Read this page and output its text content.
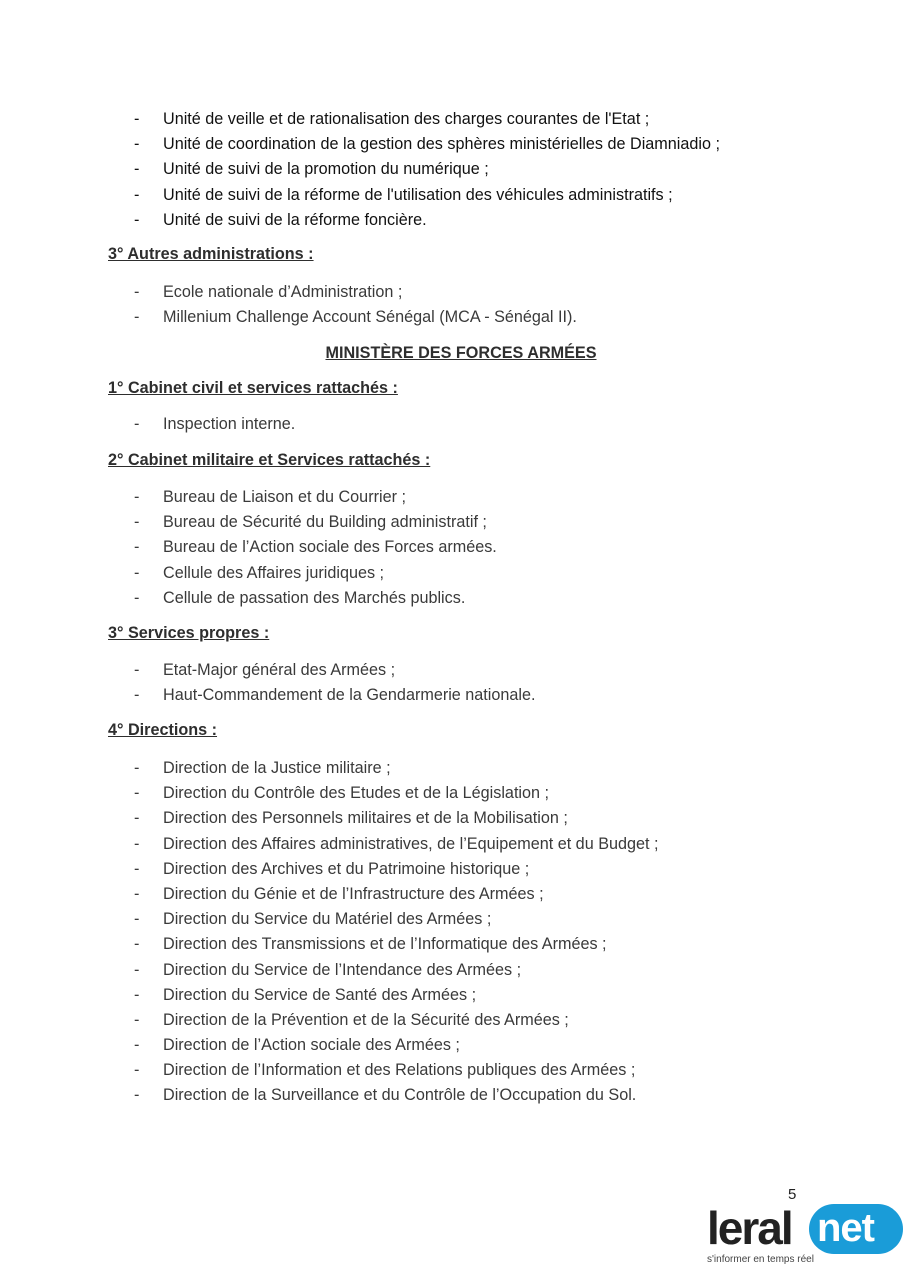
-	Unité de veille et de rationalisation des charges courantes de l'Etat ;
-	Unité de coordination de la gestion des sphères ministérielles de Diamniadio ;
-	Unité de suivi de la promotion du numérique ;
-	Unité de suivi de la réforme de l'utilisation des véhicules administratifs ;
-	Unité de suivi de la réforme foncière.
3° Autres administrations :
-	Ecole nationale d’Administration ;
-	Millenium Challenge Account Sénégal (MCA - Sénégal II).
MINISTÈRE DES FORCES ARMÉES
1° Cabinet civil et services rattachés :
-	Inspection interne.
2° Cabinet militaire et Services rattachés :
-	Bureau de Liaison et du Courrier ;
-	Bureau de Sécurité du Building administratif ;
-	Bureau de l’Action sociale des Forces armées.
-	Cellule des Affaires juridiques ;
-	Cellule de passation des Marchés publics.
3° Services propres :
-	Etat-Major général des Armées ;
-	Haut-Commandement de la Gendarmerie nationale.
4° Directions :
-	Direction de la Justice militaire ;
-	Direction du Contrôle des Etudes et de la Législation ;
-	Direction des Personnels militaires et de la Mobilisation ;
-	Direction des Affaires administratives, de l’Equipement et du Budget ;
-	Direction des Archives et du Patrimoine historique ;
-	Direction du Génie et de l’Infrastructure des Armées ;
-	Direction du Service du Matériel des Armées ;
-	Direction des Transmissions et de l’Informatique des Armées ;
-	Direction du Service de l’Intendance des Armées ;
-	Direction du Service de Santé des Armées ;
-	Direction de la Prévention et de la Sécurité des Armées ;
-	Direction de l’Action sociale des Armées ;
-	Direction de l’Information et des Relations publiques des Armées ;
-	Direction de la Surveillance et du Contrôle de l’Occupation du Sol.
5
leral net
s'informer en temps réel
